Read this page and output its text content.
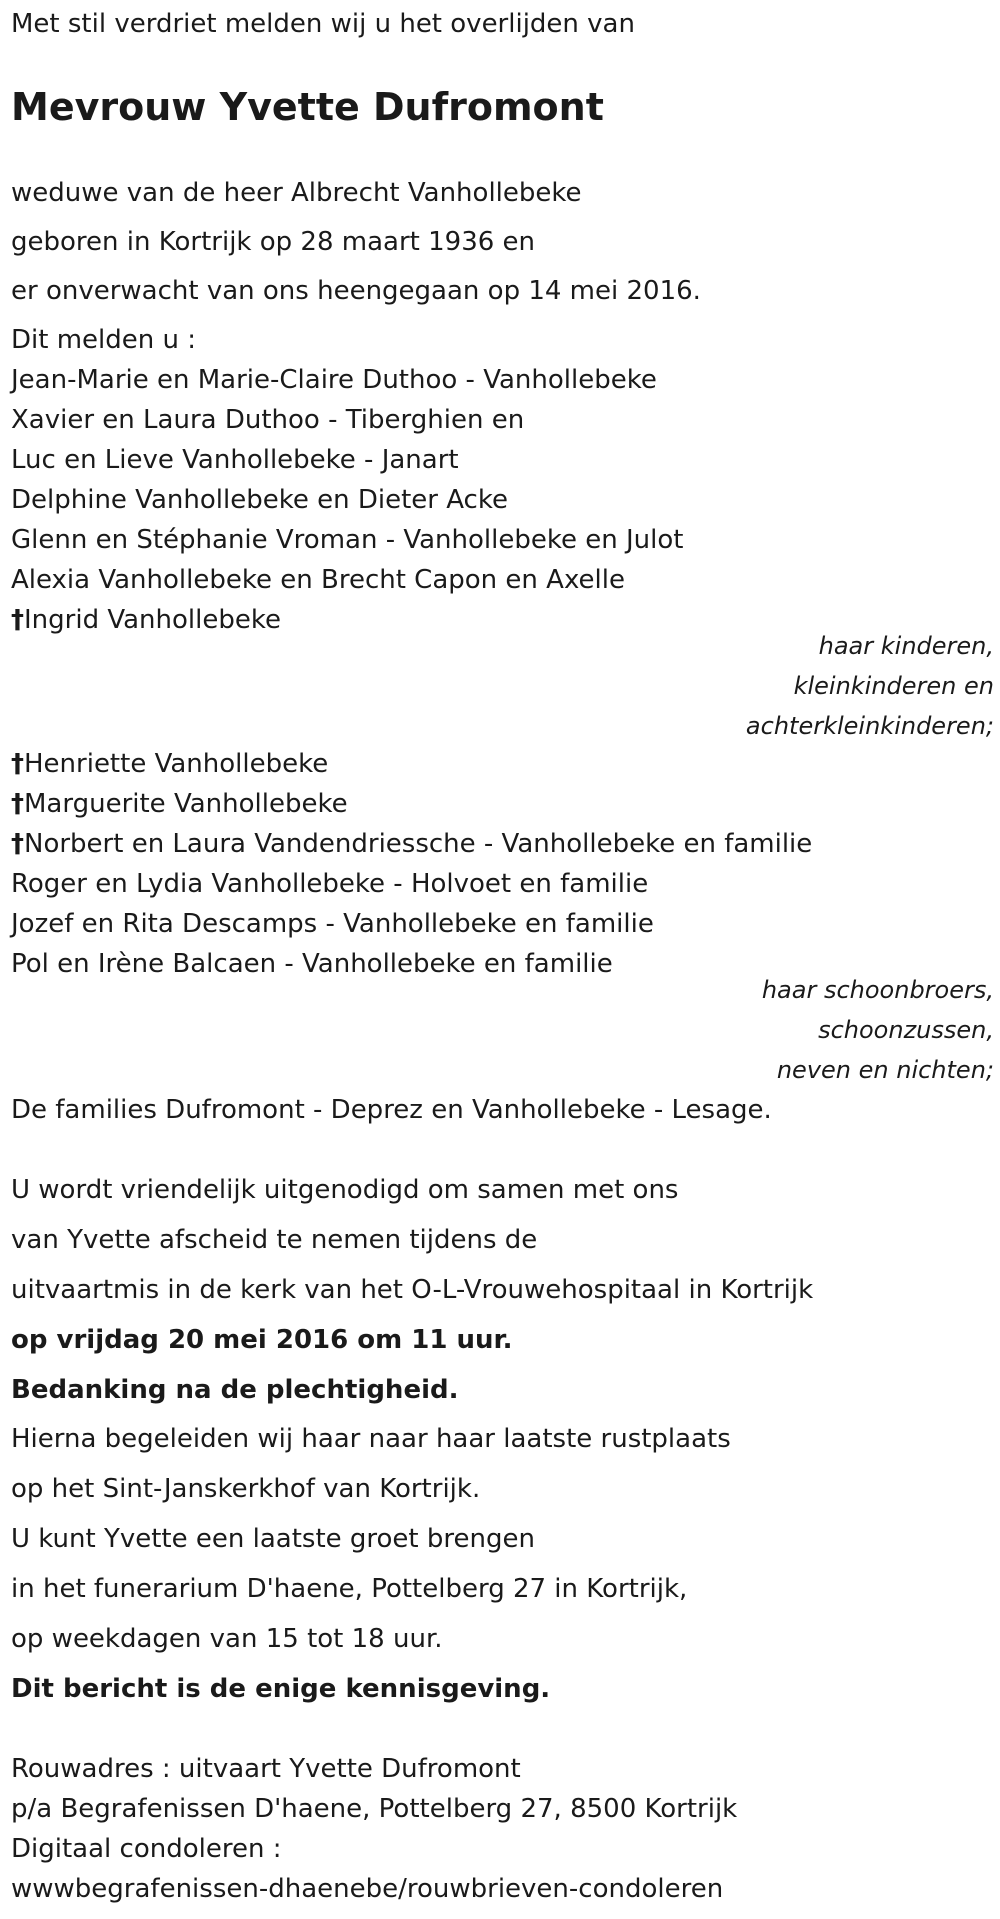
Met stil verdriet melden wij u het overlijden van
Mevrouw Yvette Dufromont
weduwe van de heer Albrecht Vanhollebeke
geboren in Kortrijk op 28 maart 1936 en
er onverwacht van ons heengegaan op 14 mei 2016.
Dit melden u :
Jean-Marie en Marie-Claire Duthoo - Vanhollebeke
Xavier en Laura Duthoo - Tiberghien en
Luc en Lieve Vanhollebeke - Janart
Delphine Vanhollebeke en Dieter Acke
Glenn en Stéphanie Vroman - Vanhollebeke en Julot
Alexia Vanhollebeke en Brecht Capon en Axelle
†Ingrid Vanhollebeke
haar kinderen,
kleinkinderen en
achterkleinkinderen;
†Henriette Vanhollebeke
†Marguerite Vanhollebeke
†Norbert en Laura Vandendriessche - Vanhollebeke en familie
Roger en Lydia Vanhollebeke - Holvoet en familie
Jozef en Rita Descamps - Vanhollebeke en familie
Pol en Irène Balcaen - Vanhollebeke en familie
haar schoonbroers,
schoonzussen,
neven en nichten;
De families Dufromont - Deprez en Vanhollebeke - Lesage.
U wordt vriendelijk uitgenodigd om samen met ons
van Yvette afscheid te nemen tijdens de
uitvaartmis in de kerk van het O-L-Vrouwehospitaal in Kortrijk
op vrijdag 20 mei 2016 om 11 uur.
Bedanking na de plechtigheid.
Hierna begeleiden wij haar naar haar laatste rustplaats
op het Sint-Janskerkhof van Kortrijk.
U kunt Yvette een laatste groet brengen
in het funerarium D'haene, Pottelberg 27 in Kortrijk,
op weekdagen van 15 tot 18 uur.
Dit bericht is de enige kennisgeving.
Rouwadres : uitvaart Yvette Dufromont
p/a Begrafenissen D'haene, Pottelberg 27, 8500 Kortrijk
Digitaal condoleren :
wwwbegrafenissen-dhaenebe/rouwbrieven-condoleren
